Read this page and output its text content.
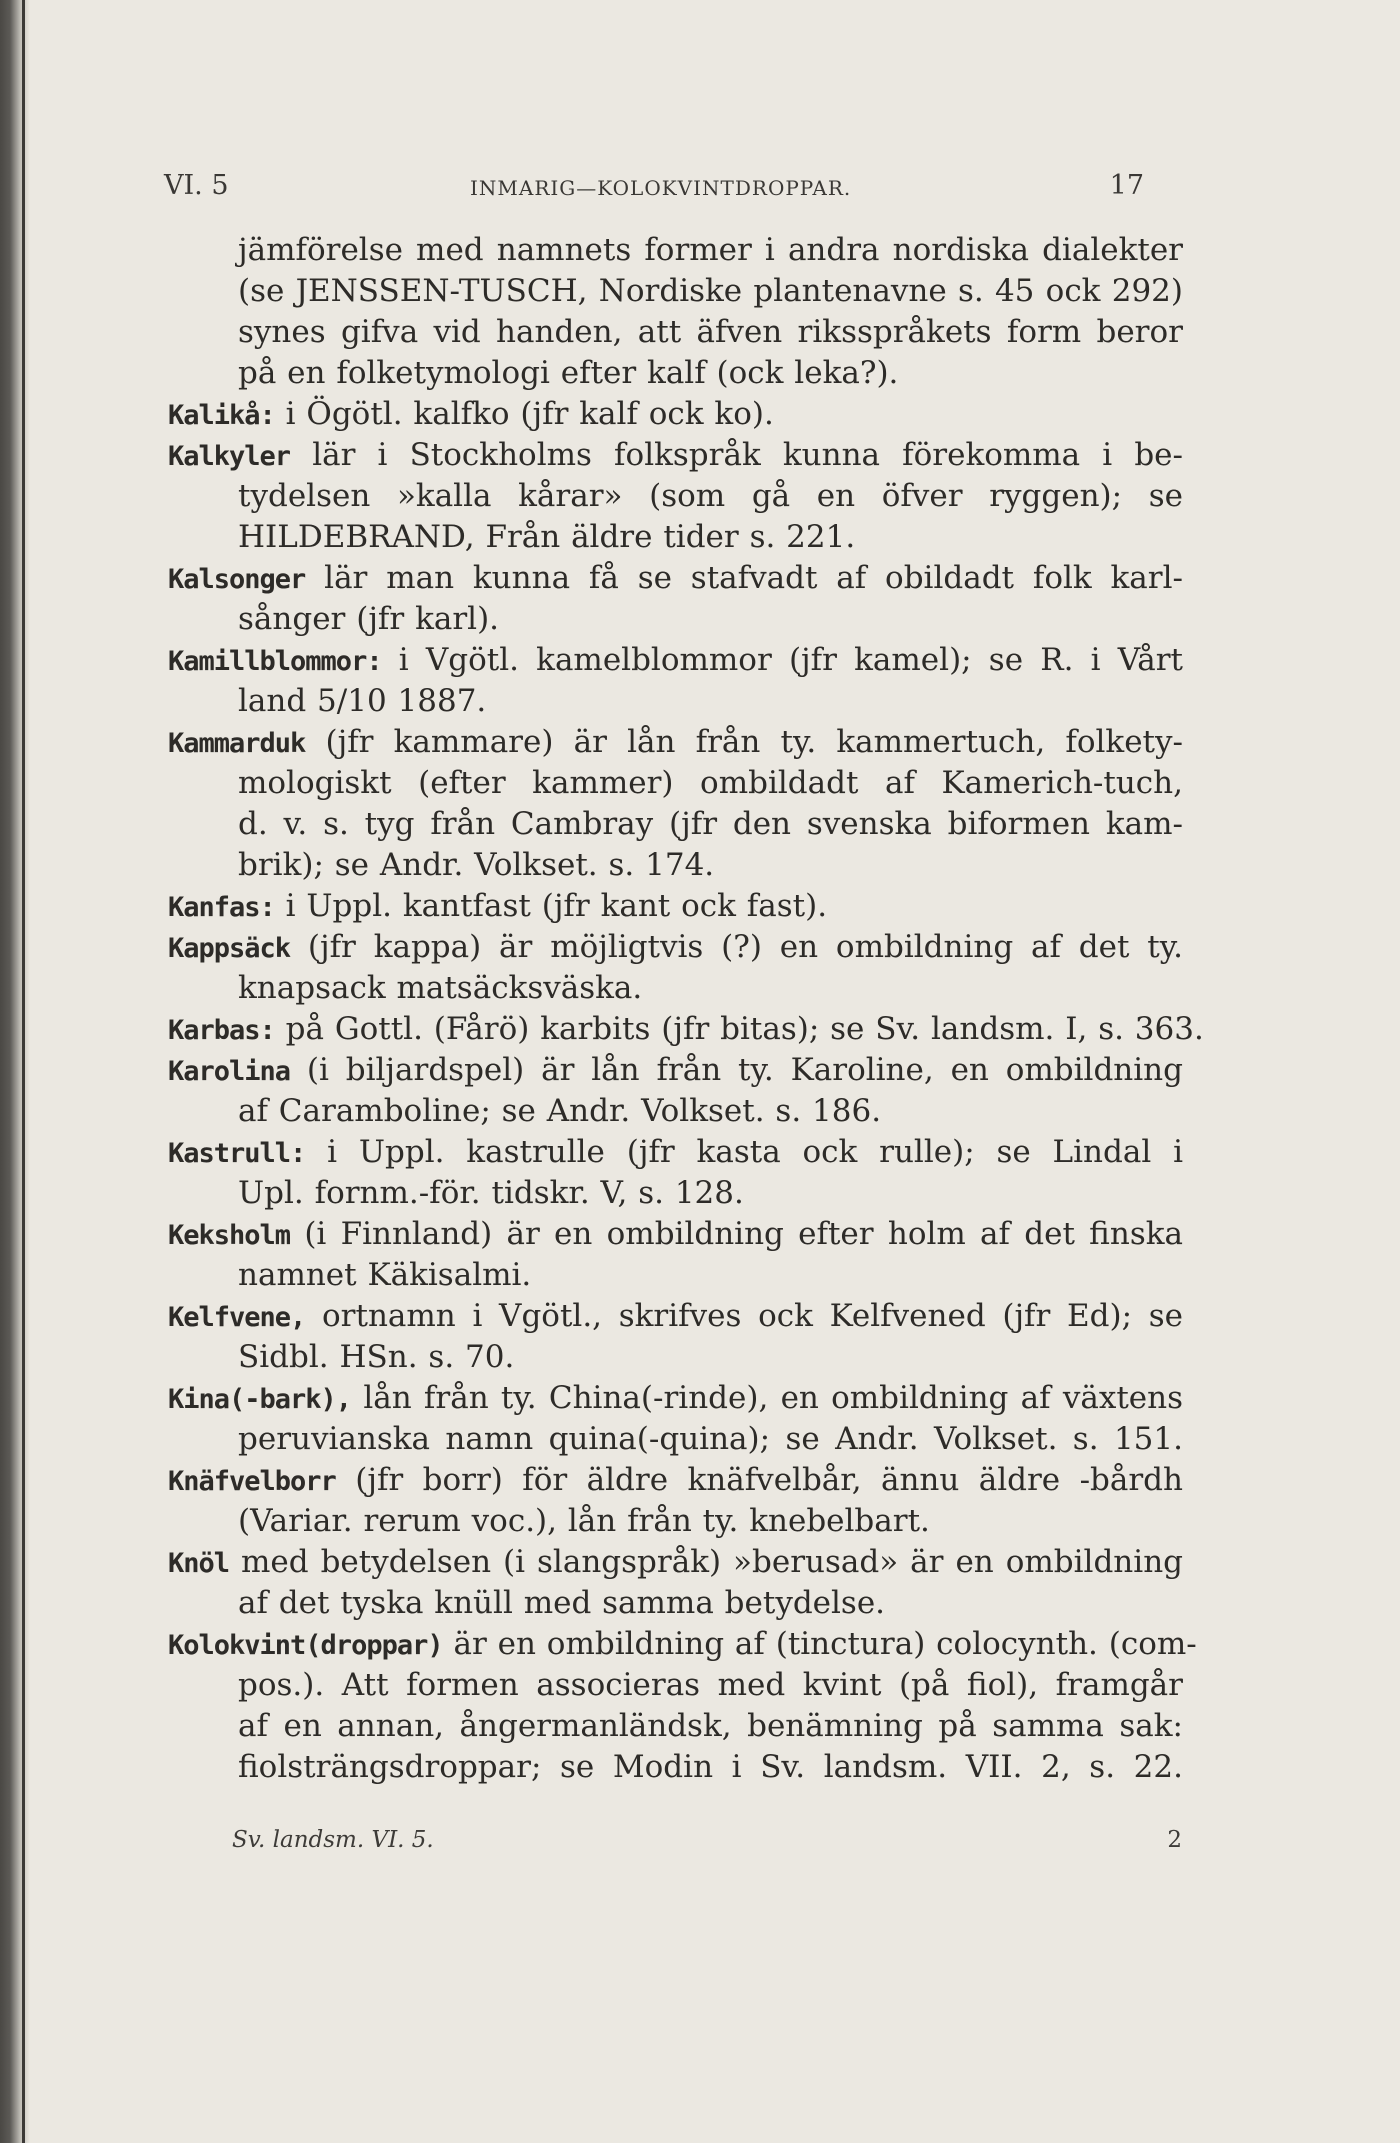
VI. 5	INMARIG—KOLOKVINTDROPPAR.	17
jämförelse med namnets former i andra nordiska dialekter
(se JENSSEN-TUSCH, Nordiske plantenavne s. 45 ock 292)
synes gifva vid handen, att äfven riksspråkets form beror
på en folketymologi efter kalf (ock leka?).
Kalikå: i Ögötl. kalfko (jfr kalf ock ko).
Kalkyler lär i Stockholms folkspråk kunna förekomma i be-
tydelsen »kalla kårar» (som gå en öfver ryggen); se
HILDEBRAND, Från äldre tider s. 221.
Kalsonger lär man kunna få se stafvadt af obildadt folk karl-
sånger (jfr karl).
Kamillblommor: i Vgötl. kamelblommor (jfr kamel); se R. i Vårt
land 5/10 1887.
Kammarduk (jfr kammare) är lån från ty. kammertuch, folkety-
mologiskt (efter kammer) ombildadt af Kamerich-tuch,
d. v. s. tyg från Cambray (jfr den svenska biformen kam-
brik); se Andr. Volkset. s. 174.
Kanfas: i Uppl. kantfast (jfr kant ock fast).
Kappsäck (jfr kappa) är möjligtvis (?) en ombildning af det ty.
knapsack matsäcksväska.
Karbas: på Gottl. (Fårö) karbits (jfr bitas); se Sv. landsm. I, s. 363.
Karolina (i biljardspel) är lån från ty. Karoline, en ombildning
af Caramboline; se Andr. Volkset. s. 186.
Kastrull: i Uppl. kastrulle (jfr kasta ock rulle); se Lindal i
Upl. fornm.-för. tidskr. V, s. 128.
Keksholm (i Finnland) är en ombildning efter holm af det finska
namnet Käkisalmi.
Kelfvene, ortnamn i Vgötl., skrifves ock Kelfvened (jfr Ed); se
Sidbl. HSn. s. 70.
Kina(-bark), lån från ty. China(-rinde), en ombildning af växtens
peruvianska namn quina(-quina); se Andr. Volkset. s. 151.
Knäfvelborr (jfr borr) för äldre knäfvelbår, ännu äldre -bårdh
(Variar. rerum voc.), lån från ty. knebelbart.
Knöl med betydelsen (i slangspråk) »berusad» är en ombildning
af det tyska knüll med samma betydelse.
Kolokvint(droppar) är en ombildning af (tinctura) colocynth. (com-
pos.). Att formen associeras med kvint (på fiol), framgår
af en annan, ångermanländsk, benämning på samma sak:
fiolsträngsdroppar; se Modin i Sv. landsm. VII. 2, s. 22.
Sv. landsm. VI. 5.	2
